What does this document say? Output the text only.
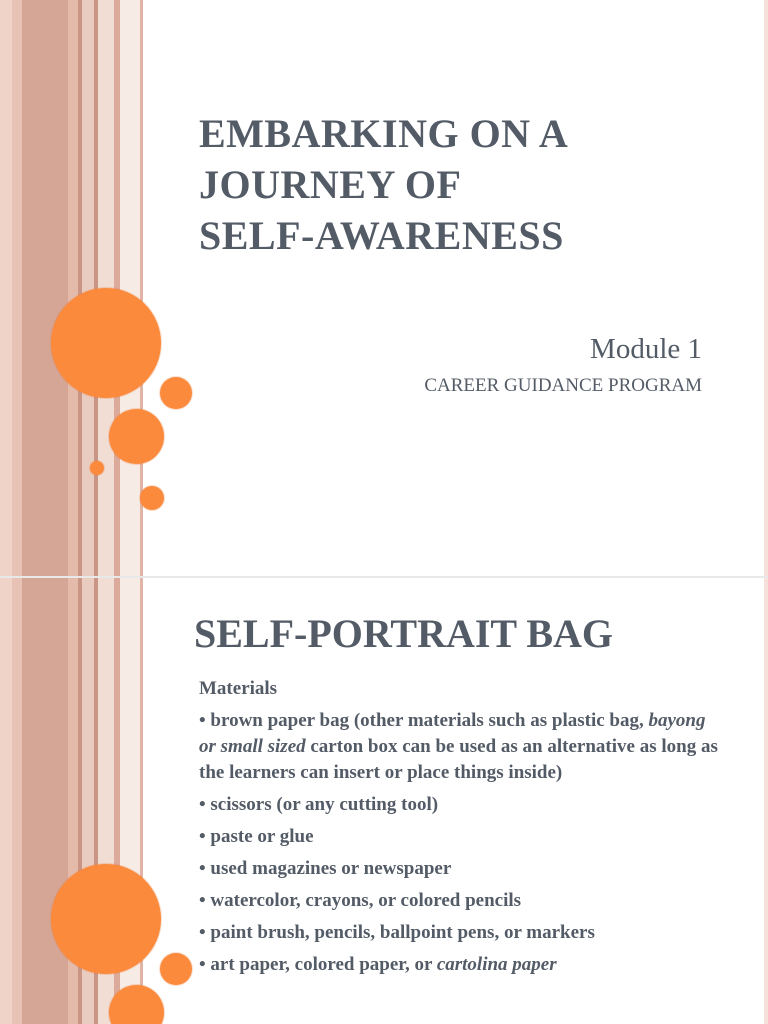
EMBARKING ON A
JOURNEY OF
SELF-AWARENESS

Module 1

CAREER GUIDANCE PROGRAM

SELF-PORTRAIT BAG

Materials

• brown paper bag (other materials such as plastic bag, bayong or small sized carton box can be used as an alternative as long as the learners can insert or place things inside)

• scissors (or any cutting tool)

• paste or glue

• used magazines or newspaper

• watercolor, crayons, or colored pencils

• paint brush, pencils, ballpoint pens, or markers

• art paper, colored paper, or cartolina paper
